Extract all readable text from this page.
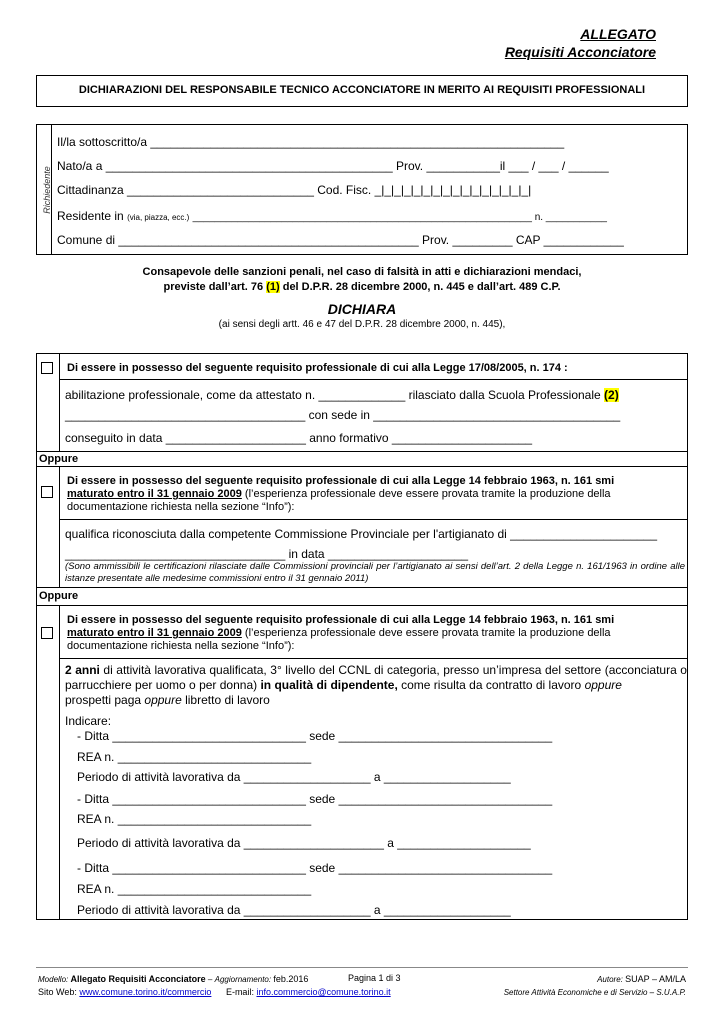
ALLEGATO
Requisiti Acconciatore
DICHIARAZIONI DEL RESPONSABILE TECNICO ACCONCIATORE IN MERITO AI REQUISITI PROFESSIONALI
Richiedente
Il/la sottoscritto/a ______________________________________________________________
Nato/a a ___________________________________________ Prov. ___________il ___ / ___ / ______
Cittadinanza ____________________________ Cod. Fisc. _|_|_|_|_|_|_|_|_|_|_|_|_|_|_|_|
Residente in (via, piazza, ecc.) _____________________________________________________________ n. ___________
Comune di _____________________________________________ Prov. _________ CAP ____________
Consapevole delle sanzioni penali, nel caso di falsità in atti e dichiarazioni mendaci,
previste dall’art. 76 (1) del D.P.R. 28 dicembre 2000, n. 445 e dall’art. 489 C.P.
DICHIARA
(ai sensi degli artt. 46 e 47 del D.P.R. 28 dicembre 2000, n. 445),
Di essere in possesso del seguente requisito professionale di cui alla Legge 17/08/2005, n. 174 :
abilitazione professionale, come da attestato n. _____________ rilasciato dalla Scuola Professionale (2)
____________________________________ con sede in _____________________________________
conseguito in data _____________________ anno formativo _____________________
Oppure
Di essere in possesso del seguente requisito professionale di cui alla Legge 14 febbraio 1963, n. 161 smi
maturato entro il 31 gennaio 2009 (l’esperienza professionale deve essere provata tramite la produzione della
documentazione richiesta nella sezione “Info”):
qualifica riconosciuta dalla competente Commissione Provinciale per l'artigianato di ______________________
_________________________________ in data _____________________
(Sono ammissibili le certificazioni rilasciate dalle Commissioni provinciali per l’artigianato ai sensi dell’art. 2 della Legge n. 161/1963 in ordine alle istanze presentate alle medesime commissioni entro il 31 gennaio 2011)
Oppure
Di essere in possesso del seguente requisito professionale di cui alla Legge 14 febbraio 1963, n. 161 smi
maturato entro il 31 gennaio 2009 (l’esperienza professionale deve essere provata tramite la produzione della
documentazione richiesta nella sezione “Info”):
2 anni di attività lavorativa qualificata, 3° livello del CCNL di categoria, presso un’impresa del settore (acconciatura o parrucchiere per uomo o per donna) in qualità di dipendente, come risulta da contratto di lavoro oppure
prospetti paga oppure libretto di lavoro
Indicare:
- Ditta _____________________________ sede ________________________________
REA n. _____________________________
Periodo di attività lavorativa da ___________________ a ___________________
- Ditta _____________________________ sede ________________________________
REA n. _____________________________
Periodo di attività lavorativa da _____________________ a ____________________
- Ditta _____________________________ sede ________________________________
REA n. _____________________________
Periodo di attività lavorativa da ___________________ a ___________________
Modello: Allegato Requisiti Acconciatore – Aggiornamento: feb.2016	Pagina 1 di 3	Autore: SUAP – AM/LA
Sito Web: www.comune.torino.it/commercio E-mail: info.commercio@comune.torino.it	Settore Attività Economiche e di Servizio – S.U.A.P.
